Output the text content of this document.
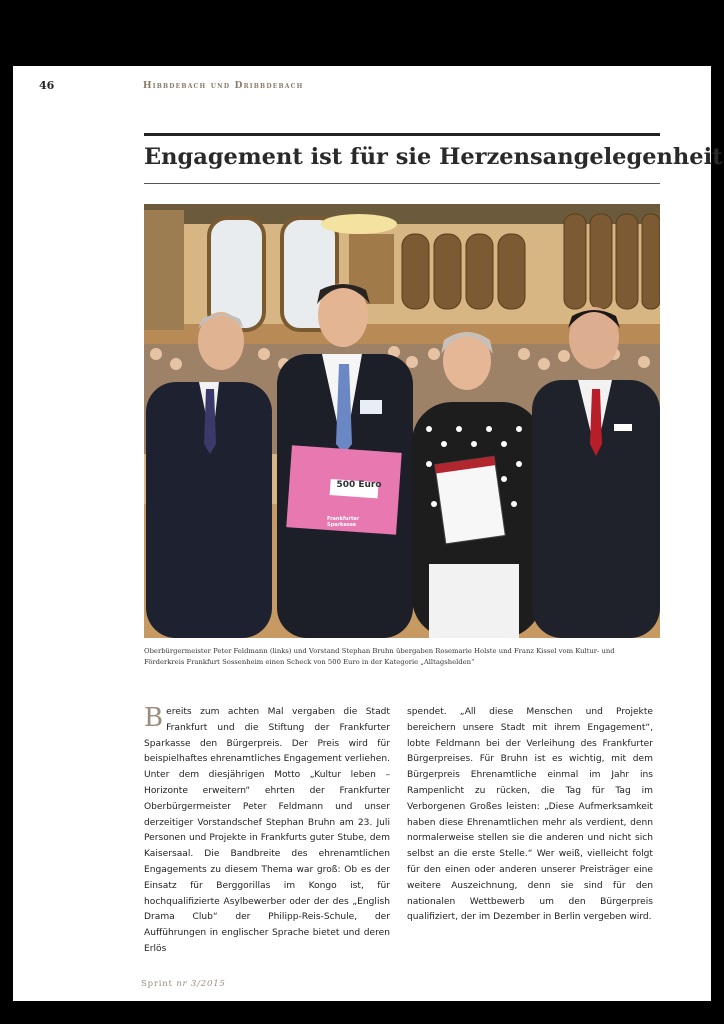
46	Hibbdebach und Dribbdebach
Engagement ist für sie Herzensangelegenheit
Frankfurter
Sparkasse
500 Euro
Oberbürgermeister Peter Feldmann (links) und Vorstand Stephan Bruhn übergaben Rosemarie Holste und Franz Kissel vom Kultur- und
Förderkreis Frankfurt Sossenheim einen Scheck von 500 Euro in der Kategorie „Alltagshelden“
B ereits zum achten Mal vergaben die Stadt Frankfurt und die Stiftung der Frankfurter Sparkasse den Bürgerpreis. Der Preis wird für beispielhaftes ehrenamtliches Engagement verliehen. Unter dem diesjährigen Motto „Kultur leben – Horizonte erweitern“ ehrten der Frankfurter Oberbürgermeister Peter Feldmann und unser derzeitiger Vorstandschef Stephan Bruhn am 23. Juli Personen und Projekte in Frankfurts guter Stube, dem Kaisersaal. Die Bandbreite des ehrenamtlichen Engagements zu diesem Thema war groß: Ob es der Einsatz für Berggorillas im Kongo ist, für hochqualifizierte Asylbewerber oder der des „English Drama Club“ der Philipp-Reis-Schule, der Aufführungen in englischer Sprache bietet und deren Erlös

spendet. „All diese Menschen und Projekte bereichern unsere Stadt mit ihrem Engagement“, lobte Feldmann bei der Verleihung des Frankfurter Bürgerpreises. Für Bruhn ist es wichtig, mit dem Bürgerpreis Ehrenamtliche einmal im Jahr ins Rampenlicht zu rücken, die Tag für Tag im Verborgenen Großes leisten: „Diese Aufmerksamkeit haben diese Ehrenamtlichen mehr als verdient, denn normalerweise stellen sie die anderen und nicht sich selbst an die erste Stelle.“ Wer weiß, vielleicht folgt für den einen oder anderen unserer Preisträger eine weitere Auszeichnung, denn sie sind für den nationalen Wettbewerb um den Bürgerpreis qualifiziert, der im Dezember in Berlin vergeben wird.

Sprint nr 3/2015
